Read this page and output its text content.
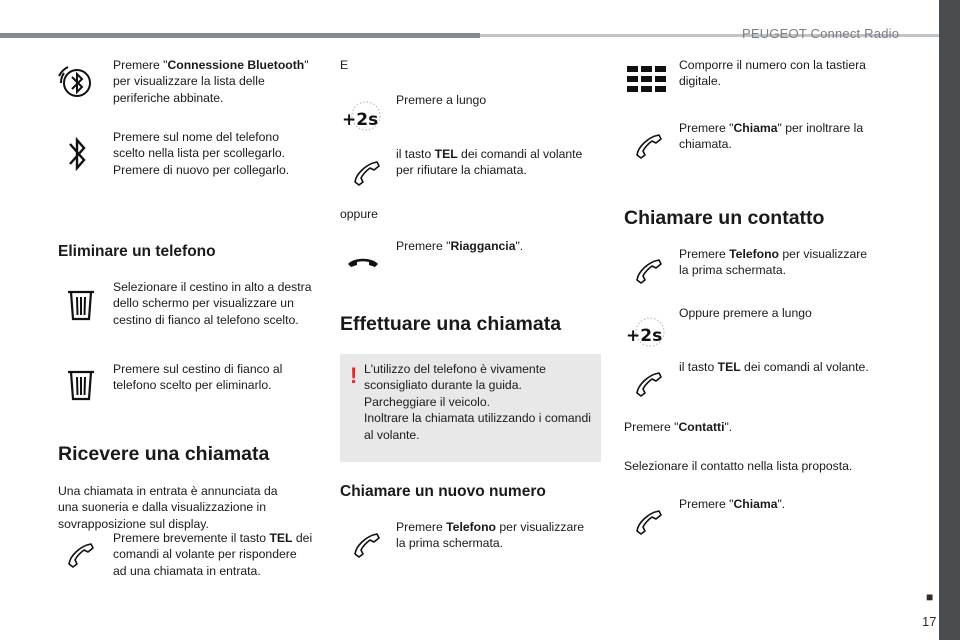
PEUGEOT Connect Radio
■
17
Premere "Connessione Bluetooth"
per visualizzare la lista delle
periferiche abbinate.
Premere sul nome del telefono
scelto nella lista per scollegarlo.
Premere di nuovo per collegarlo.
Eliminare un telefono
Selezionare il cestino in alto a destra
dello schermo per visualizzare un
cestino di fianco al telefono scelto.
Premere sul cestino di fianco al
telefono scelto per eliminarlo.
Ricevere una chiamata
Una chiamata in entrata è annunciata da
una suoneria e dalla visualizzazione in
sovrapposizione sul display.
Premere brevemente il tasto TEL dei
comandi al volante per rispondere
ad una chiamata in entrata.
E
+2s
Premere a lungo
il tasto TEL dei comandi al volante
per rifiutare la chiamata.
oppure
Premere "Riaggancia".
Effettuare una chiamata
! L'utilizzo del telefono è vivamente
sconsigliato durante la guida.
Parcheggiare il veicolo.
Inoltrare la chiamata utilizzando i comandi
al volante.
Chiamare un nuovo numero
Premere Telefono per visualizzare
la prima schermata.
Comporre il numero con la tastiera
digitale.
Premere "Chiama" per inoltrare la
chiamata.
Chiamare un contatto
Premere Telefono per visualizzare
la prima schermata.
+2s
Oppure premere a lungo
il tasto TEL dei comandi al volante.
Premere "Contatti".
Selezionare il contatto nella lista proposta.
Premere "Chiama".
